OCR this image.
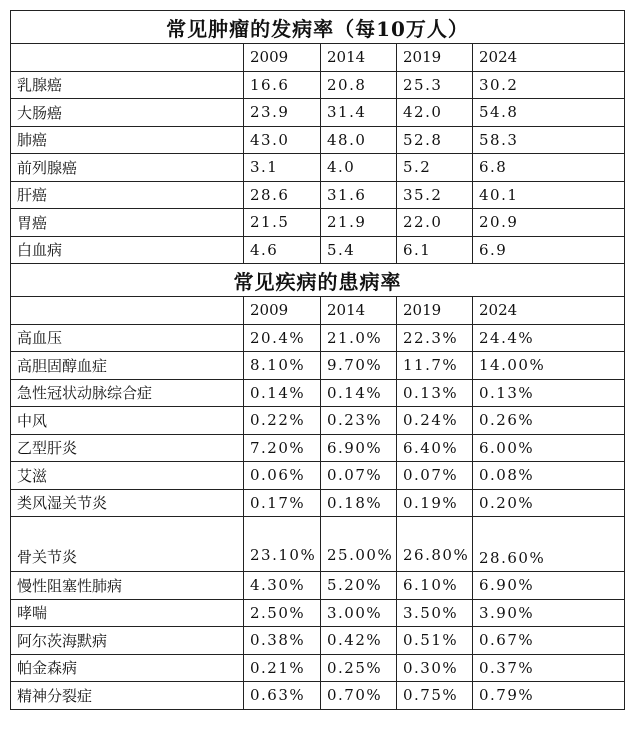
常见肿瘤的发病率（每10万人）				
	2009	2014	2019	2024
乳腺癌	16.6	20.8	25.3	30.2
大肠癌	23.9	31.4	42.0	54.8
肺癌	43.0	48.0	52.8	58.3
前列腺癌	3.1	4.0	5.2	6.8
肝癌	28.6	31.6	35.2	40.1
胃癌	21.5	21.9	22.0	20.9
白血病	4.6	5.4	6.1	6.9
常见疾病的患病率				
	2009	2014	2019	2024
高血压	20.4%	21.0%	22.3%	24.4%
高胆固醇血症	8.10%	9.70%	11.7%	14.00%
急性冠状动脉综合症	0.14%	0.14%	0.13%	0.13%
中风	0.22%	0.23%	0.24%	0.26%
乙型肝炎	7.20%	6.90%	6.40%	6.00%
艾滋	0.06%	0.07%	0.07%	0.08%
类风湿关节炎	0.17%	0.18%	0.19%	0.20%
骨关节炎	23.10%	25.00%	26.80%	28.60%
慢性阻塞性肺病	4.30%	5.20%	6.10%	6.90%
哮喘	2.50%	3.00%	3.50%	3.90%
阿尔茨海默病	0.38%	0.42%	0.51%	0.67%
帕金森病	0.21%	0.25%	0.30%	0.37%
精神分裂症	0.63%	0.70%	0.75%	0.79%
